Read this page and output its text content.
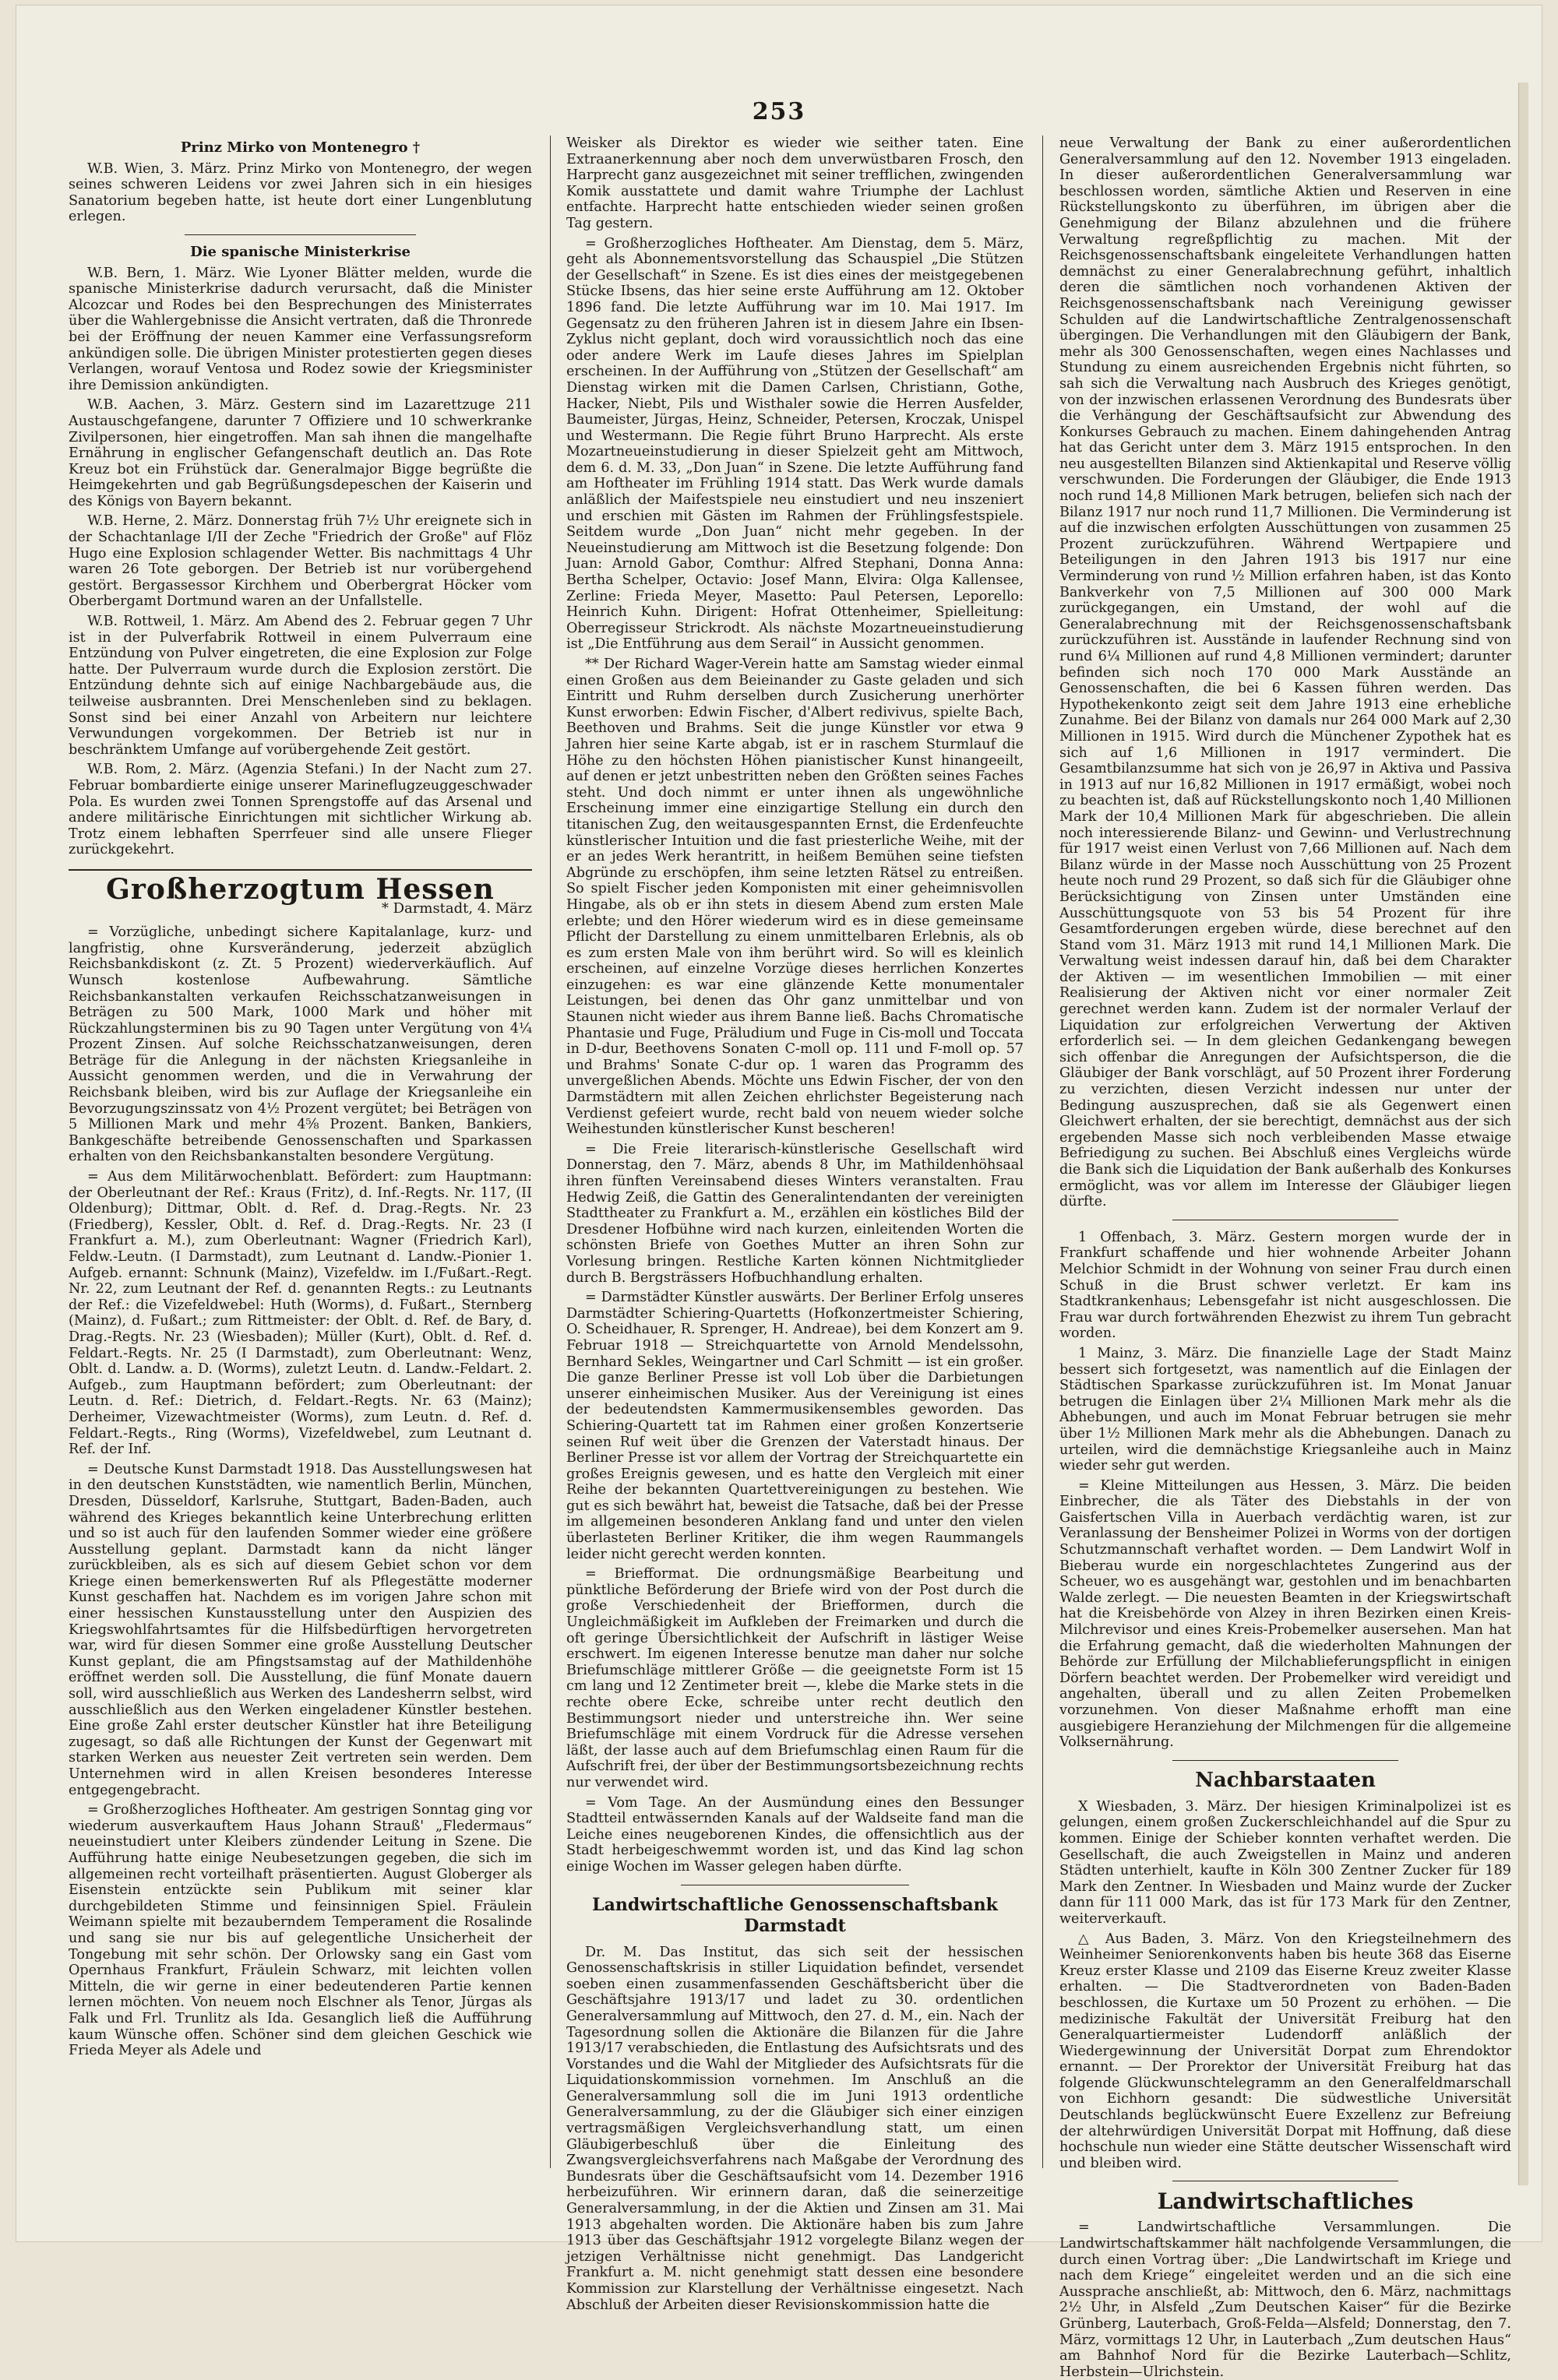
253
Prinz Mirko von Montenegro †

W.B. Wien, 3. März. Prinz Mirko von Montenegro, der wegen seines schweren Leidens vor zwei Jahren sich in ein hiesiges Sanatorium begeben hatte, ist heute dort einer Lungenblutung erlegen.

Die spanische Ministerkrise

W.B. Bern, 1. März. Wie Lyoner Blätter melden, wurde die spanische Ministerkrise dadurch verursacht, daß die Minister Alcozcar und Rodes bei den Besprechungen des Ministerrates über die Wahlergebnisse die Ansicht vertraten, daß die Thronrede bei der Eröffnung der neuen Kammer eine Verfassungsreform ankündigen solle. Die übrigen Minister protestierten gegen dieses Verlangen, worauf Ventosa und Rodez sowie der Kriegsminister ihre Demission ankündigten.

W.B. Aachen, 3. März. Gestern sind im Lazarettzuge 211 Austauschgefangene, darunter 7 Offiziere und 10 schwerkranke Zivilpersonen, hier eingetroffen. Man sah ihnen die mangelhafte Ernährung in englischer Gefangenschaft deutlich an. Das Rote Kreuz bot ein Frühstück dar. Generalmajor Bigge begrüßte die Heimgekehrten und gab Begrüßungsdepeschen der Kaiserin und des Königs von Bayern bekannt.

W.B. Herne, 2. März. Donnerstag früh 7½ Uhr ereignete sich in der Schachtanlage I/II der Zeche "Friedrich der Große" auf Flöz Hugo eine Explosion schlagender Wetter. Bis nachmittags 4 Uhr waren 26 Tote geborgen. Der Betrieb ist nur vorübergehend gestört. Bergassessor Kirchhem und Oberbergrat Höcker vom Oberbergamt Dortmund waren an der Unfallstelle.

W.B. Rottweil, 1. März. Am Abend des 2. Februar gegen 7 Uhr ist in der Pulverfabrik Rottweil in einem Pulverraum eine Entzündung von Pulver eingetreten, die eine Explosion zur Folge hatte. Der Pulverraum wurde durch die Explosion zerstört. Die Entzündung dehnte sich auf einige Nachbargebäude aus, die teilweise ausbrannten. Drei Menschenleben sind zu beklagen. Sonst sind bei einer Anzahl von Arbeitern nur leichtere Verwundungen vorgekommen. Der Betrieb ist nur in beschränktem Umfange auf vorübergehende Zeit gestört.

W.B. Rom, 2. März. (Agenzia Stefani.) In der Nacht zum 27. Februar bombardierte einige unserer Marineflugzeuggeschwader Pola. Es wurden zwei Tonnen Sprengstoffe auf das Arsenal und andere militärische Einrichtungen mit sichtlicher Wirkung ab. Trotz einem lebhaften Sperrfeuer sind alle unsere Flieger zurückgekehrt.

Großherzogtum Hessen
* Darmstadt, 4. März

= Vorzügliche, unbedingt sichere Kapitalanlage, kurz- und langfristig, ohne Kursveränderung, jederzeit abzüglich Reichsbankdiskont (z. Zt. 5 Prozent) wiederverkäuflich. Auf Wunsch kostenlose Aufbewahrung. Sämtliche Reichsbankanstalten verkaufen Reichsschatzanweisungen in Beträgen zu 500 Mark, 1000 Mark und höher mit Rückzahlungsterminen bis zu 90 Tagen unter Vergütung von 4¼ Prozent Zinsen. Auf solche Reichsschatzanweisungen, deren Beträge für die Anlegung in der nächsten Kriegsanleihe in Aussicht genommen werden, und die in Verwahrung der Reichsbank bleiben, wird bis zur Auflage der Kriegsanleihe ein Bevorzugungszinssatz von 4½ Prozent vergütet; bei Beträgen von 5 Millionen Mark und mehr 4⅝ Prozent. Banken, Bankiers, Bankgeschäfte betreibende Genossenschaften und Sparkassen erhalten von den Reichsbankanstalten besondere Vergütung.

= Aus dem Militärwochenblatt. Befördert: zum Hauptmann: der Oberleutnant der Ref.: Kraus (Fritz), d. Inf.-Regts. Nr. 117, (II Oldenburg); Dittmar, Oblt. d. Ref. d. Drag.-Regts. Nr. 23 (Friedberg), Kessler, Oblt. d. Ref. d. Drag.-Regts. Nr. 23 (I Frankfurt a. M.), zum Oberleutnant: Wagner (Friedrich Karl), Feldw.-Leutn. (I Darmstadt), zum Leutnant d. Landw.-Pionier 1. Aufgeb. ernannt: Schnunk (Mainz), Vizefeldw. im I./Fußart.-Regt. Nr. 22, zum Leutnant der Ref. d. genannten Regts.: zu Leutnants der Ref.: die Vizefeldwebel: Huth (Worms), d. Fußart., Sternberg (Mainz), d. Fußart.; zum Rittmeister: der Oblt. d. Ref. de Bary, d. Drag.-Regts. Nr. 23 (Wiesbaden); Müller (Kurt), Oblt. d. Ref. d. Feldart.-Regts. Nr. 25 (I Darmstadt), zum Oberleutnant: Wenz, Oblt. d. Landw. a. D. (Worms), zuletzt Leutn. d. Landw.-Feldart. 2. Aufgeb., zum Hauptmann befördert; zum Oberleutnant: der Leutn. d. Ref.: Dietrich, d. Feldart.-Regts. Nr. 63 (Mainz); Derheimer, Vizewachtmeister (Worms), zum Leutn. d. Ref. d. Feldart.-Regts., Ring (Worms), Vizefeldwebel, zum Leutnant d. Ref. der Inf.

= Deutsche Kunst Darmstadt 1918. Das Ausstellungswesen hat in den deutschen Kunststädten, wie namentlich Berlin, München, Dresden, Düsseldorf, Karlsruhe, Stuttgart, Baden-Baden, auch während des Krieges bekanntlich keine Unterbrechung erlitten und so ist auch für den laufenden Sommer wieder eine größere Ausstellung geplant. Darmstadt kann da nicht länger zurückbleiben, als es sich auf diesem Gebiet schon vor dem Kriege einen bemerkenswerten Ruf als Pflegestätte moderner Kunst geschaffen hat. Nachdem es im vorigen Jahre schon mit einer hessischen Kunstausstellung unter den Auspizien des Kriegswohlfahrtsamtes für die Hilfsbedürftigen hervorgetreten war, wird für diesen Sommer eine große Ausstellung Deutscher Kunst geplant, die am Pfingstsamstag auf der Mathildenhöhe eröffnet werden soll. Die Ausstellung, die fünf Monate dauern soll, wird ausschließlich aus Werken des Landesherrn selbst, wird ausschließlich aus den Werken eingeladener Künstler bestehen. Eine große Zahl erster deutscher Künstler hat ihre Beteiligung zugesagt, so daß alle Richtungen der Kunst der Gegenwart mit starken Werken aus neuester Zeit vertreten sein werden. Dem Unternehmen wird in allen Kreisen besonderes Interesse entgegengebracht.

= Großherzogliches Hoftheater. Am gestrigen Sonntag ging vor wiederum ausverkauftem Haus Johann Strauß' „Fledermaus“ neueinstudiert unter Kleibers zündender Leitung in Szene. Die Aufführung hatte einige Neubesetzungen gegeben, die sich im allgemeinen recht vorteilhaft präsentierten. August Globerger als Eisenstein entzückte sein Publikum mit seiner klar durchgebildeten Stimme und feinsinnigen Spiel. Fräulein Weimann spielte mit bezauberndem Temperament die Rosalinde und sang sie nur bis auf gelegentliche Unsicherheit der Tongebung mit sehr schön. Der Orlowsky sang ein Gast vom Opernhaus Frankfurt, Fräulein Schwarz, mit leichten vollen Mitteln, die wir gerne in einer bedeutenderen Partie kennen lernen möchten. Von neuem noch Elschner als Tenor, Jürgas als Falk und Frl. Trunlitz als Ida. Gesanglich ließ die Aufführung kaum Wünsche offen. Schöner sind dem gleichen Geschick wie Frieda Meyer als Adele und

Weisker als Direktor es wieder wie seither taten. Eine Extraanerkennung aber noch dem unverwüstbaren Frosch, den Harprecht ganz ausgezeichnet mit seiner trefflichen, zwingenden Komik ausstattete und damit wahre Triumphe der Lachlust entfachte. Harprecht hatte entschieden wieder seinen großen Tag gestern.

= Großherzogliches Hoftheater. Am Dienstag, dem 5. März, geht als Abonnementsvorstellung das Schauspiel „Die Stützen der Gesellschaft“ in Szene. Es ist dies eines der meistgegebenen Stücke Ibsens, das hier seine erste Aufführung am 12. Oktober 1896 fand. Die letzte Aufführung war im 10. Mai 1917. Im Gegensatz zu den früheren Jahren ist in diesem Jahre ein Ibsen-Zyklus nicht geplant, doch wird voraussichtlich noch das eine oder andere Werk im Laufe dieses Jahres im Spielplan erscheinen. In der Aufführung von „Stützen der Gesellschaft“ am Dienstag wirken mit die Damen Carlsen, Christiann, Gothe, Hacker, Niebt, Pils und Wisthaler sowie die Herren Ausfelder, Baumeister, Jürgas, Heinz, Schneider, Petersen, Kroczak, Unispel und Westermann. Die Regie führt Bruno Harprecht. Als erste Mozartneueinstudierung in dieser Spielzeit geht am Mittwoch, dem 6. d. M. 33, „Don Juan“ in Szene. Die letzte Aufführung fand am Hoftheater im Frühling 1914 statt. Das Werk wurde damals anläßlich der Maifestspiele neu einstudiert und neu inszeniert und erschien mit Gästen im Rahmen der Frühlingsfestspiele. Seitdem wurde „Don Juan“ nicht mehr gegeben. In der Neueinstudierung am Mittwoch ist die Besetzung folgende: Don Juan: Arnold Gabor, Comthur: Alfred Stephani, Donna Anna: Bertha Schelper, Octavio: Josef Mann, Elvira: Olga Kallensee, Zerline: Frieda Meyer, Masetto: Paul Petersen, Leporello: Heinrich Kuhn. Dirigent: Hofrat Ottenheimer, Spielleitung: Oberregisseur Strickrodt. Als nächste Mozartneueinstudierung ist „Die Entführung aus dem Serail“ in Aussicht genommen.

** Der Richard Wager-Verein hatte am Samstag wieder einmal einen Großen aus dem Beieinander zu Gaste geladen und sich Eintritt und Ruhm derselben durch Zusicherung unerhörter Kunst erworben: Edwin Fischer, d'Albert redivivus, spielte Bach, Beethoven und Brahms. Seit die junge Künstler vor etwa 9 Jahren hier seine Karte abgab, ist er in raschem Sturmlauf die Höhe zu den höchsten Höhen pianistischer Kunst hinangeeilt, auf denen er jetzt unbestritten neben den Größten seines Faches steht. Und doch nimmt er unter ihnen als ungewöhnliche Erscheinung immer eine einzigartige Stellung ein durch den titanischen Zug, den weitausgespannten Ernst, die Erdenfeuchte künstlerischer Intuition und die fast priesterliche Weihe, mit der er an jedes Werk herantritt, in heißem Bemühen seine tiefsten Abgründe zu erschöpfen, ihm seine letzten Rätsel zu entreißen. So spielt Fischer jeden Komponisten mit einer geheimnisvollen Hingabe, als ob er ihn stets in diesem Abend zum ersten Male erlebte; und den Hörer wiederum wird es in diese gemeinsame Pflicht der Darstellung zu einem unmittelbaren Erlebnis, als ob es zum ersten Male von ihm berührt wird. So will es kleinlich erscheinen, auf einzelne Vorzüge dieses herrlichen Konzertes einzugehen: es war eine glänzende Kette monumentaler Leistungen, bei denen das Ohr ganz unmittelbar und von Staunen nicht wieder aus ihrem Banne ließ. Bachs Chromatische Phantasie und Fuge, Präludium und Fuge in Cis-moll und Toccata in D-dur, Beethovens Sonaten C-moll op. 111 und F-moll op. 57 und Brahms' Sonate C-dur op. 1 waren das Programm des unvergeßlichen Abends. Möchte uns Edwin Fischer, der von den Darmstädtern mit allen Zeichen ehrlichster Begeisterung nach Verdienst gefeiert wurde, recht bald von neuem wieder solche Weihestunden künstlerischer Kunst bescheren!

= Die Freie literarisch-künstlerische Gesellschaft wird Donnerstag, den 7. März, abends 8 Uhr, im Mathildenhöhsaal ihren fünften Vereinsabend dieses Winters veranstalten. Frau Hedwig Zeiß, die Gattin des Generalintendanten der vereinigten Stadttheater zu Frankfurt a. M., erzählen ein köstliches Bild der Dresdener Hofbühne wird nach kurzen, einleitenden Worten die schönsten Briefe von Goethes Mutter an ihren Sohn zur Vorlesung bringen. Restliche Karten können Nichtmitglieder durch B. Bergsträssers Hofbuchhandlung erhalten.

= Darmstädter Künstler auswärts. Der Berliner Erfolg unseres Darmstädter Schiering-Quartetts (Hofkonzertmeister Schiering, O. Scheidhauer, R. Sprenger, H. Andreae), bei dem Konzert am 9. Februar 1918 — Streichquartette von Arnold Mendelssohn, Bernhard Sekles, Weingartner und Carl Schmitt — ist ein großer. Die ganze Berliner Presse ist voll Lob über die Darbietungen unserer einheimischen Musiker. Aus der Vereinigung ist eines der bedeutendsten Kammermusikensembles geworden. Das Schiering-Quartett tat im Rahmen einer großen Konzertserie seinen Ruf weit über die Grenzen der Vaterstadt hinaus. Der Berliner Presse ist vor allem der Vortrag der Streichquartette ein großes Ereignis gewesen, und es hatte den Vergleich mit einer Reihe der bekannten Quartettvereinigungen zu bestehen. Wie gut es sich bewährt hat, beweist die Tatsache, daß bei der Presse im allgemeinen besonderen Anklang fand und unter den vielen überlasteten Berliner Kritiker, die ihm wegen Raummangels leider nicht gerecht werden konnten.

= Briefformat. Die ordnungsmäßige Bearbeitung und pünktliche Beförderung der Briefe wird von der Post durch die große Verschiedenheit der Briefformen, durch die Ungleichmäßigkeit im Aufkleben der Freimarken und durch die oft geringe Übersichtlichkeit der Aufschrift in lästiger Weise erschwert. Im eigenen Interesse benutze man daher nur solche Briefumschläge mittlerer Größe — die geeignetste Form ist 15 cm lang und 12 Zentimeter breit —, klebe die Marke stets in die rechte obere Ecke, schreibe unter recht deutlich den Bestimmungsort nieder und unterstreiche ihn. Wer seine Briefumschläge mit einem Vordruck für die Adresse versehen läßt, der lasse auch auf dem Briefumschlag einen Raum für die Aufschrift frei, der über der Bestimmungsortsbezeichnung rechts nur verwendet wird.

= Vom Tage. An der Ausmündung eines den Bessunger Stadtteil entwässernden Kanals auf der Waldseite fand man die Leiche eines neugeborenen Kindes, die offensichtlich aus der Stadt herbeigeschwemmt worden ist, und das Kind lag schon einige Wochen im Wasser gelegen haben dürfte.

Landwirtschaftliche Genossenschaftsbank Darmstadt

Dr. M. Das Institut, das sich seit der hessischen Genossenschaftskrisis in stiller Liquidation befindet, versendet soeben einen zusammenfassenden Geschäftsbericht über die Geschäftsjahre 1913/17 und ladet zu 30. ordentlichen Generalversammlung auf Mittwoch, den 27. d. M., ein. Nach der Tagesordnung sollen die Aktionäre die Bilanzen für die Jahre 1913/17 verabschieden, die Entlastung des Aufsichtsrats und des Vorstandes und die Wahl der Mitglieder des Aufsichtsrats für die Liquidationskommission vornehmen. Im Anschluß an die Generalversammlung soll die im Juni 1913 ordentliche Generalversammlung, zu der die Gläubiger sich einer einzigen vertragsmäßigen Vergleichsverhandlung statt, um einen Gläubigerbeschluß über die Einleitung des Zwangsvergleichsverfahrens nach Maßgabe der Verordnung des Bundesrats über die Geschäftsaufsicht vom 14. Dezember 1916 herbeizuführen. Wir erinnern daran, daß die seinerzeitige Generalversammlung, in der die Aktien und Zinsen am 31. Mai 1913 abgehalten worden. Die Aktionäre haben bis zum Jahre 1913 über das Geschäftsjahr 1912 vorgelegte Bilanz wegen der jetzigen Verhältnisse nicht genehmigt. Das Landgericht Frankfurt a. M. nicht genehmigt statt dessen eine besondere Kommission zur Klarstellung der Verhältnisse eingesetzt. Nach Abschluß der Arbeiten dieser Revisionskommission hatte die

neue Verwaltung der Bank zu einer außerordentlichen Generalversammlung auf den 12. November 1913 eingeladen. In dieser außerordentlichen Generalversammlung war beschlossen worden, sämtliche Aktien und Reserven in eine Rückstellungskonto zu überführen, im übrigen aber die Genehmigung der Bilanz abzulehnen und die frühere Verwaltung regreßpflichtig zu machen. Mit der Reichsgenossenschaftsbank eingeleitete Verhandlungen hatten demnächst zu einer Generalabrechnung geführt, inhaltlich deren die sämtlichen noch vorhandenen Aktiven der Reichsgenossenschaftsbank nach Vereinigung gewisser Schulden auf die Landwirtschaftliche Zentralgenossenschaft übergingen. Die Verhandlungen mit den Gläubigern der Bank, mehr als 300 Genossenschaften, wegen eines Nachlasses und Stundung zu einem ausreichenden Ergebnis nicht führten, so sah sich die Verwaltung nach Ausbruch des Krieges genötigt, von der inzwischen erlassenen Verordnung des Bundesrats über die Verhängung der Geschäftsaufsicht zur Abwendung des Konkurses Gebrauch zu machen. Einem dahingehenden Antrag hat das Gericht unter dem 3. März 1915 entsprochen. In den neu ausgestellten Bilanzen sind Aktienkapital und Reserve völlig verschwunden. Die Forderungen der Gläubiger, die Ende 1913 noch rund 14,8 Millionen Mark betrugen, beliefen sich nach der Bilanz 1917 nur noch rund 11,7 Millionen. Die Verminderung ist auf die inzwischen erfolgten Ausschüttungen von zusammen 25 Prozent zurückzuführen. Während Wertpapiere und Beteiligungen in den Jahren 1913 bis 1917 nur eine Verminderung von rund ½ Million erfahren haben, ist das Konto Bankverkehr von 7,5 Millionen auf 300 000 Mark zurückgegangen, ein Umstand, der wohl auf die Generalabrechnung mit der Reichsgenossenschaftsbank zurückzuführen ist. Ausstände in laufender Rechnung sind von rund 6¼ Millionen auf rund 4,8 Millionen vermindert; darunter befinden sich noch 170 000 Mark Ausstände an Genossenschaften, die bei 6 Kassen führen werden. Das Hypothekenkonto zeigt seit dem Jahre 1913 eine erhebliche Zunahme. Bei der Bilanz von damals nur 264 000 Mark auf 2,30 Millionen in 1915. Wird durch die Münchener Zypothek hat es sich auf 1,6 Millionen in 1917 vermindert. Die Gesamtbilanzsumme hat sich von je 26,97 in Aktiva und Passiva in 1913 auf nur 16,82 Millionen in 1917 ermäßigt, wobei noch zu beachten ist, daß auf Rückstellungskonto noch 1,40 Millionen Mark der 10,4 Millionen Mark für abgeschrieben. Die allein noch interessierende Bilanz- und Gewinn- und Verlustrechnung für 1917 weist einen Verlust von 7,66 Millionen auf. Nach dem Bilanz würde in der Masse noch Ausschüttung von 25 Prozent heute noch rund 29 Prozent, so daß sich für die Gläubiger ohne Berücksichtigung von Zinsen unter Umständen eine Ausschüttungsquote von 53 bis 54 Prozent für ihre Gesamtforderungen ergeben würde, diese berechnet auf den Stand vom 31. März 1913 mit rund 14,1 Millionen Mark. Die Verwaltung weist indessen darauf hin, daß bei dem Charakter der Aktiven — im wesentlichen Immobilien — mit einer Realisierung der Aktiven nicht vor einer normaler Zeit gerechnet werden kann. Zudem ist der normaler Verlauf der Liquidation zur erfolgreichen Verwertung der Aktiven erforderlich sei. — In dem gleichen Gedankengang bewegen sich offenbar die Anregungen der Aufsichtsperson, die die Gläubiger der Bank vorschlägt, auf 50 Prozent ihrer Forderung zu verzichten, diesen Verzicht indessen nur unter der Bedingung auszusprechen, daß sie als Gegenwert einen Gleichwert erhalten, der sie berechtigt, demnächst aus der sich ergebenden Masse sich noch verbleibenden Masse etwaige Befriedigung zu suchen. Bei Abschluß eines Vergleichs würde die Bank sich die Liquidation der Bank außerhalb des Konkurses ermöglicht, was vor allem im Interesse der Gläubiger liegen dürfte.

1 Offenbach, 3. März. Gestern morgen wurde der in Frankfurt schaffende und hier wohnende Arbeiter Johann Melchior Schmidt in der Wohnung von seiner Frau durch einen Schuß in die Brust schwer verletzt. Er kam ins Stadtkrankenhaus; Lebensgefahr ist nicht ausgeschlossen. Die Frau war durch fortwährenden Ehezwist zu ihrem Tun gebracht worden.

1 Mainz, 3. März. Die finanzielle Lage der Stadt Mainz bessert sich fortgesetzt, was namentlich auf die Einlagen der Städtischen Sparkasse zurückzuführen ist. Im Monat Januar betrugen die Einlagen über 2¼ Millionen Mark mehr als die Abhebungen, und auch im Monat Februar betrugen sie mehr über 1½ Millionen Mark mehr als die Abhebungen. Danach zu urteilen, wird die demnächstige Kriegsanleihe auch in Mainz wieder sehr gut werden.

= Kleine Mitteilungen aus Hessen, 3. März. Die beiden Einbrecher, die als Täter des Diebstahls in der von Gaisfertschen Villa in Auerbach verdächtig waren, ist zur Veranlassung der Bensheimer Polizei in Worms von der dortigen Schutzmannschaft verhaftet worden. — Dem Landwirt Wolf in Bieberau wurde ein norgeschlachtetes Zungerind aus der Scheuer, wo es ausgehängt war, gestohlen und im benachbarten Walde zerlegt. — Die neuesten Beamten in der Kriegswirtschaft hat die Kreisbehörde von Alzey in ihren Bezirken einen Kreis-Milchrevisor und eines Kreis-Probemelker ausersehen. Man hat die Erfahrung gemacht, daß die wiederholten Mahnungen der Behörde zur Erfüllung der Milchablieferungspflicht in einigen Dörfern beachtet werden. Der Probemelker wird vereidigt und angehalten, überall und zu allen Zeiten Probemelken vorzunehmen. Von dieser Maßnahme erhofft man eine ausgiebigere Heranziehung der Milchmengen für die allgemeine Volksernährung.

Nachbarstaaten

X Wiesbaden, 3. März. Der hiesigen Kriminalpolizei ist es gelungen, einem großen Zuckerschleichhandel auf die Spur zu kommen. Einige der Schieber konnten verhaftet werden. Die Gesellschaft, die auch Zweigstellen in Mainz und anderen Städten unterhielt, kaufte in Köln 300 Zentner Zucker für 189 Mark den Zentner. In Wiesbaden und Mainz wurde der Zucker dann für 111 000 Mark, das ist für 173 Mark für den Zentner, weiterverkauft.

△ Aus Baden, 3. März. Von den Kriegsteilnehmern des Weinheimer Seniorenkonvents haben bis heute 368 das Eiserne Kreuz erster Klasse und 2109 das Eiserne Kreuz zweiter Klasse erhalten. — Die Stadtverordneten von Baden-Baden beschlossen, die Kurtaxe um 50 Prozent zu erhöhen. — Die medizinische Fakultät der Universität Freiburg hat den Generalquartiermeister Ludendorff anläßlich der Wiedergewinnung der Universität Dorpat zum Ehrendoktor ernannt. — Der Prorektor der Universität Freiburg hat das folgende Glückwunschtelegramm an den Generalfeldmarschall von Eichhorn gesandt: Die südwestliche Universität Deutschlands beglückwünscht Euere Exzellenz zur Befreiung der altehrwürdigen Universität Dorpat mit Hoffnung, daß diese hochschule nun wieder eine Stätte deutscher Wissenschaft wird und bleiben wird.

Landwirtschaftliches

= Landwirtschaftliche Versammlungen. Die Landwirtschaftskammer hält nachfolgende Versammlungen, die durch einen Vortrag über: „Die Landwirtschaft im Kriege und nach dem Kriege“ eingeleitet werden und an die sich eine Aussprache anschließt, ab: Mittwoch, den 6. März, nachmittags 2½ Uhr, in Alsfeld „Zum Deutschen Kaiser“ für die Bezirke Grünberg, Lauterbach, Groß-Felda—Alsfeld; Donnerstag, den 7. März, vormittags 12 Uhr, in Lauterbach „Zum deutschen Haus“ am Bahnhof Nord für die Bezirke Lauterbach—Schlitz, Herbstein—Ulrichstein.
